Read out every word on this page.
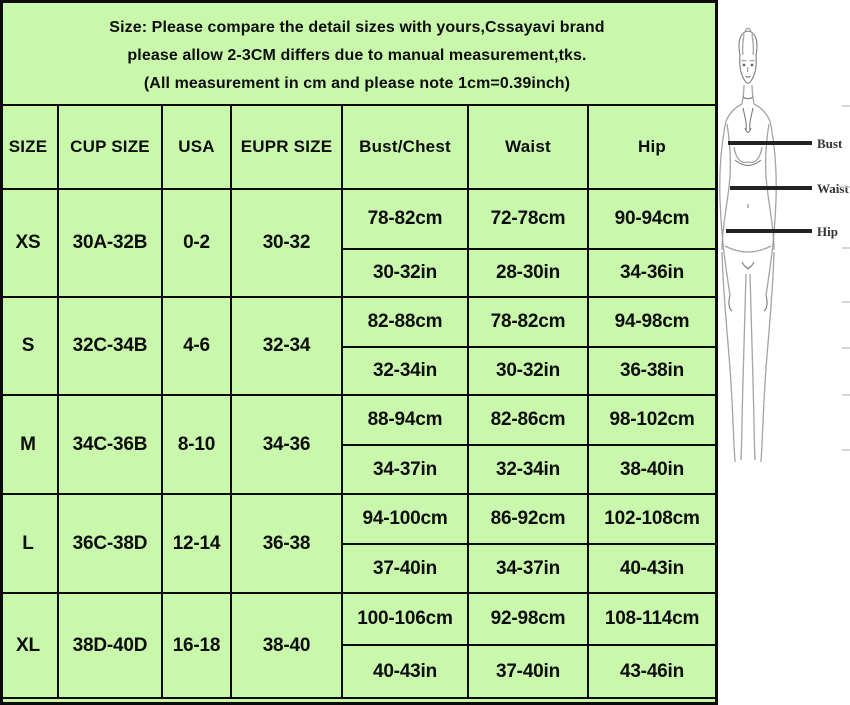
Size: Please compare the detail sizes with yours,Cssayavi brand
please allow 2-3CM differs due to manual measurement,tks.
(All measurement in cm and please note 1cm=0.39inch)
SIZE	CUP SIZE	USA	EUPR SIZE	Bust/Chest	Waist	Hip
XS	30A-32B	0-2	30-32	78-82cm	72-78cm	90-94cm
				30-32in	28-30in	34-36in
S	32C-34B	4-6	32-34	82-88cm	78-82cm	94-98cm
				32-34in	30-32in	36-38in
M	34C-36B	8-10	34-36	88-94cm	82-86cm	98-102cm
				34-37in	32-34in	38-40in
L	36C-38D	12-14	36-38	94-100cm	86-92cm	102-108cm
				37-40in	34-37in	40-43in
XL	38D-40D	16-18	38-40	100-106cm	92-98cm	108-114cm
				40-43in	37-40in	43-46in
Bust
Waist
Hip
